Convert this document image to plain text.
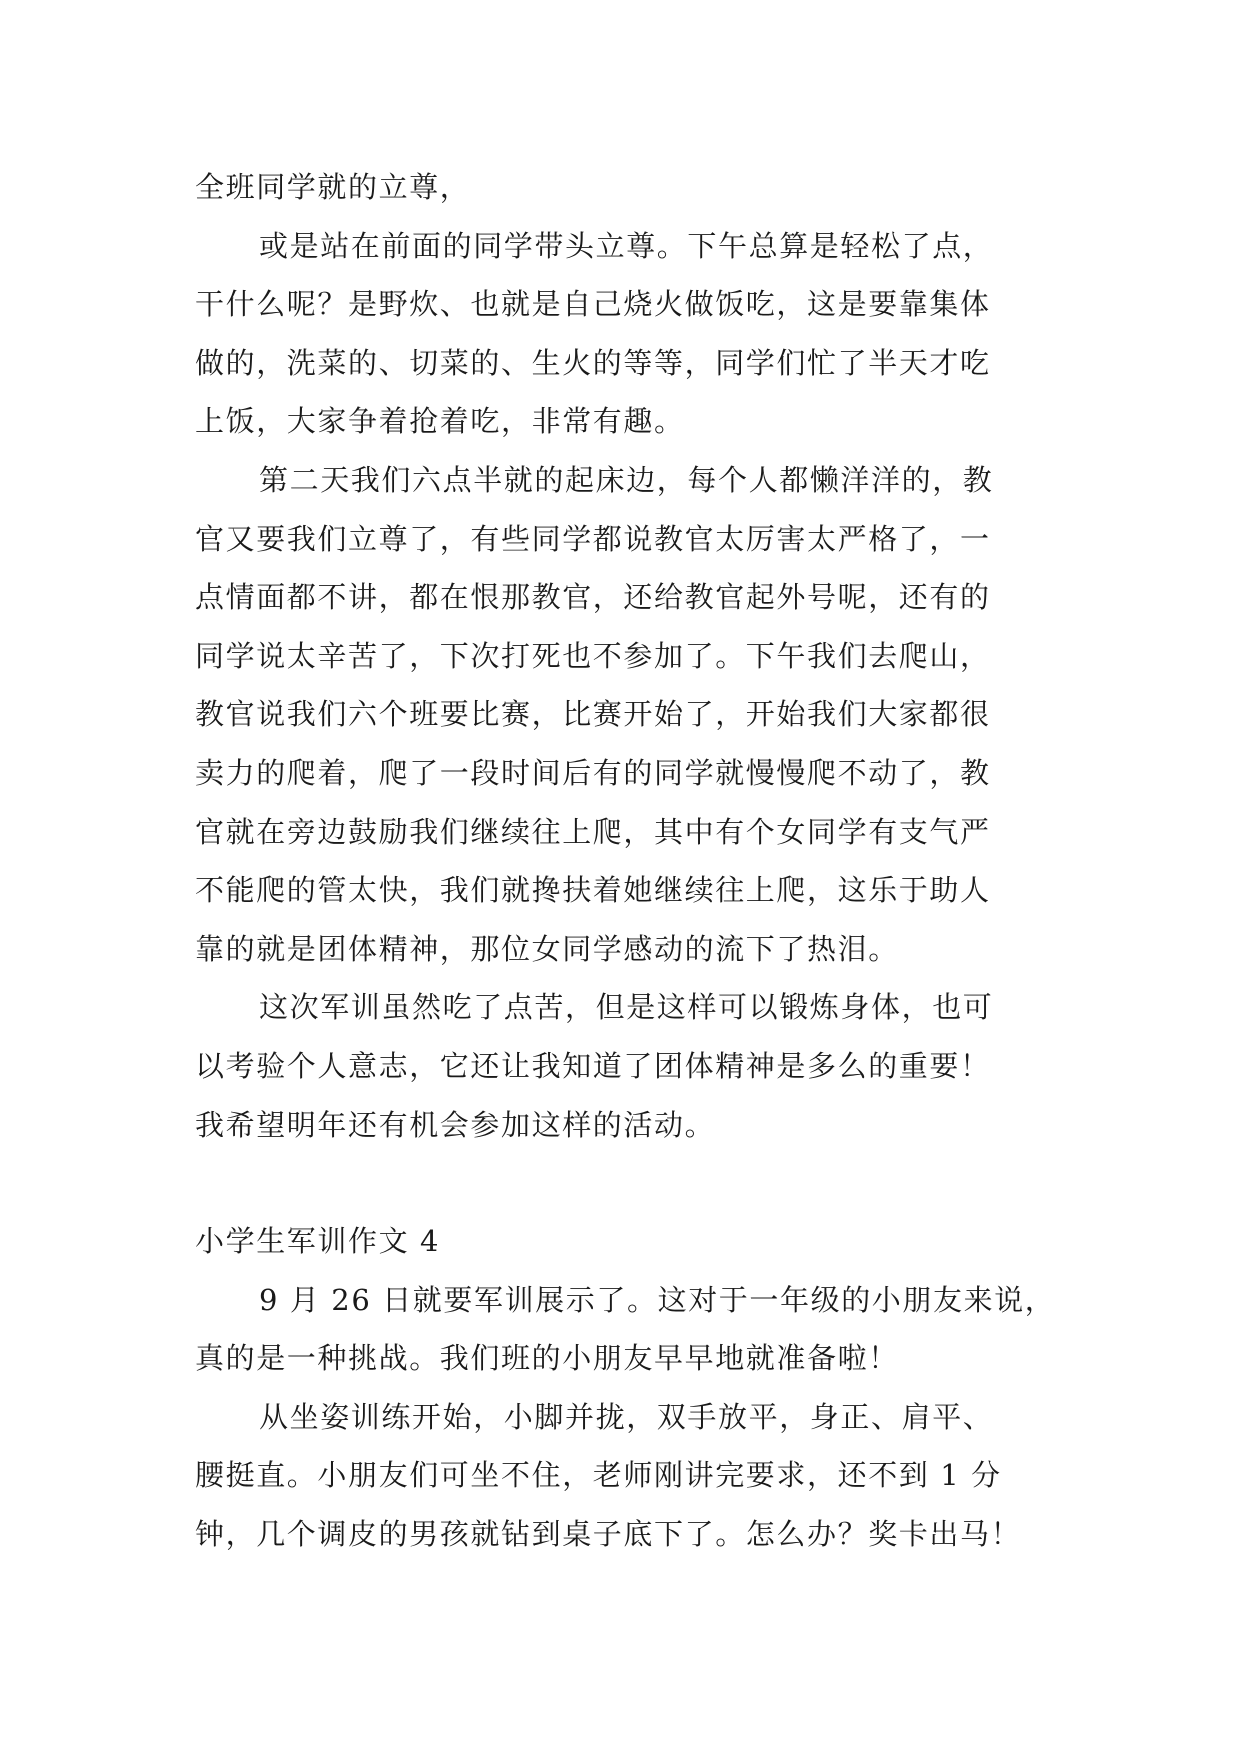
全班同学就的立尊，
或是站在前面的同学带头立尊。下午总算是轻松了点，
干什么呢？是野炊、也就是自己烧火做饭吃，这是要靠集体
做的，洗菜的、切菜的、生火的等等，同学们忙了半天才吃
上饭，大家争着抢着吃，非常有趣。
第二天我们六点半就的起床边，每个人都懒洋洋的，教
官又要我们立尊了，有些同学都说教官太厉害太严格了，一
点情面都不讲，都在恨那教官，还给教官起外号呢，还有的
同学说太辛苦了，下次打死也不参加了。下午我们去爬山，
教官说我们六个班要比赛，比赛开始了，开始我们大家都很
卖力的爬着，爬了一段时间后有的同学就慢慢爬不动了，教
官就在旁边鼓励我们继续往上爬，其中有个女同学有支气严
不能爬的管太快，我们就搀扶着她继续往上爬，这乐于助人
靠的就是团体精神，那位女同学感动的流下了热泪。
这次军训虽然吃了点苦，但是这样可以锻炼身体，也可
以考验个人意志，它还让我知道了团体精神是多么的重要！
我希望明年还有机会参加这样的活动。
小学生军训作文 4
9 月 26 日就要军训展示了。这对于一年级的小朋友来说，
真的是一种挑战。我们班的小朋友早早地就准备啦！
从坐姿训练开始，小脚并拢，双手放平，身正、肩平、
腰挺直。小朋友们可坐不住，老师刚讲完要求，还不到 1 分
钟，几个调皮的男孩就钻到桌子底下了。怎么办？奖卡出马！
